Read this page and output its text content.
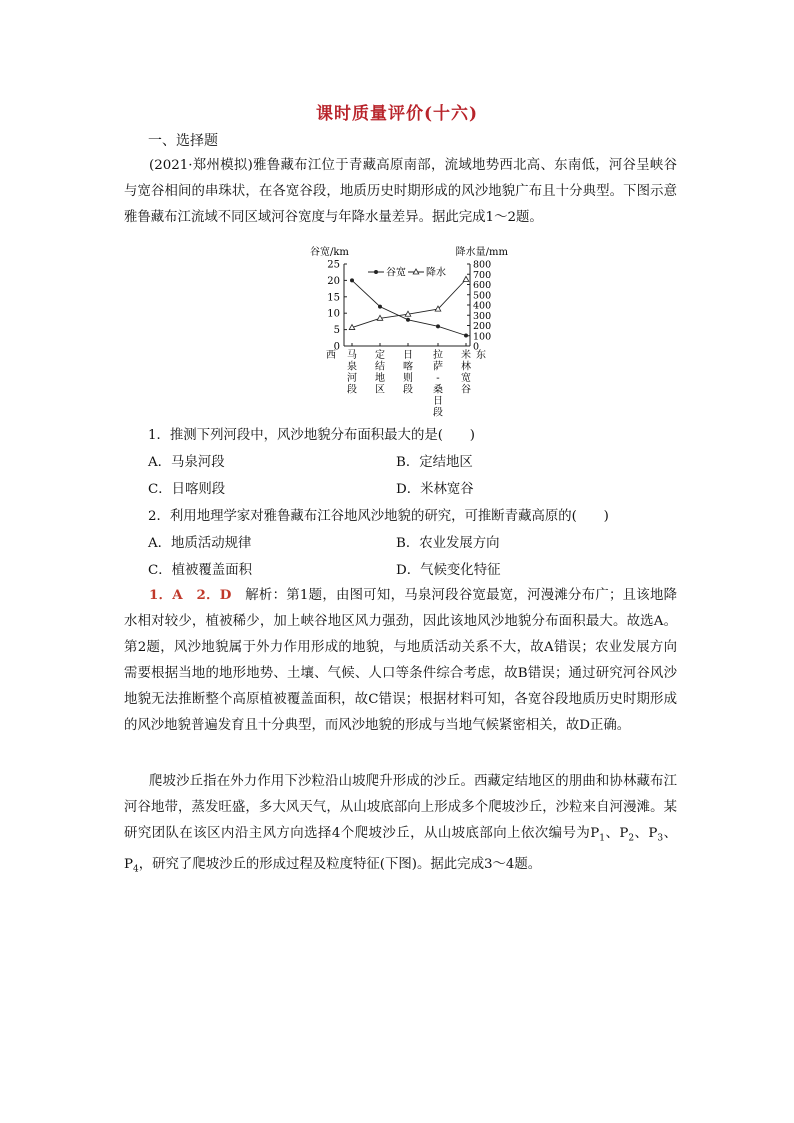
课时质量评价(十六)
一、选择题

(2021·郑州模拟)雅鲁藏布江位于青藏高原南部，流域地势西北高、东南低，河谷呈峡谷与宽谷相间的串珠状，在各宽谷段，地质历史时期形成的风沙地貌广布且十分典型。下图示意雅鲁藏布江流域不同区域河谷宽度与年降水量差异。据此完成1～2题。

谷宽/km	降水量/mm
0
5
10
15
20
25
0
100
200
300
400
500
600
700
800
马泉河段
定结地区
日喀则段
拉萨-桑日段
米林宽谷
西	东
谷宽 降水
1．推测下列河段中，风沙地貌分布面积最大的是(　　)
A．马泉河段	B．定结地区
C．日喀则段	D．米林宽谷
2．利用地理学家对雅鲁藏布江谷地风沙地貌的研究，可推断青藏高原的(　　)
A．地质活动规律	B．农业发展方向
C．植被覆盖面积	D．气候变化特征

1．A　2．D　解析：第1题，由图可知，马泉河段谷宽最宽，河漫滩分布广；且该地降水相对较少，植被稀少，加上峡谷地区风力强劲，因此该地风沙地貌分布面积最大。故选A。第2题，风沙地貌属于外力作用形成的地貌，与地质活动关系不大，故A错误；农业发展方向需要根据当地的地形地势、土壤、气候、人口等条件综合考虑，故B错误；通过研究河谷风沙地貌无法推断整个高原植被覆盖面积，故C错误；根据材料可知，各宽谷段地质历史时期形成的风沙地貌普遍发育且十分典型，而风沙地貌的形成与当地气候紧密相关，故D正确。

爬坡沙丘指在外力作用下沙粒沿山坡爬升形成的沙丘。西藏定结地区的朋曲和协林藏布江河谷地带，蒸发旺盛，多大风天气，从山坡底部向上形成多个爬坡沙丘，沙粒来自河漫滩。某研究团队在该区内沿主风方向选择4个爬坡沙丘，从山坡底部向上依次编号为$P_1$、$P_2$、$P_3$、$P_4$，研究了爬坡沙丘的形成过程及粒度特征(下图)。据此完成3～4题。
